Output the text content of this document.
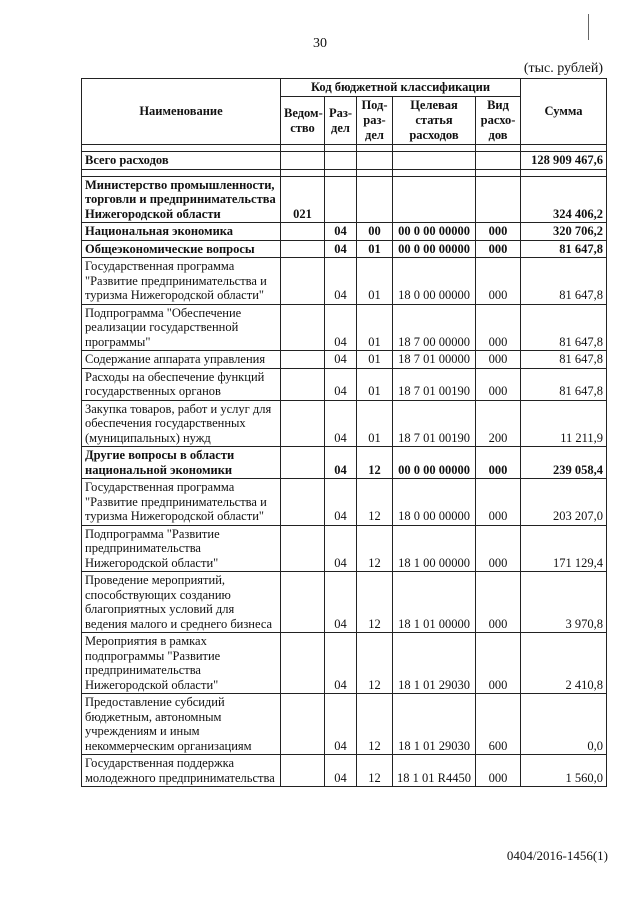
30
(тыс. рублей)
Наименование	Код бюджетной классификации					Сумма
	Ведом-ство	Раз-дел	Под-раз-дел	Целевая статья расходов	Вид расхо-дов	

Всего расходов						128 909 467,6

Министерство промышленности, торговли и предпринимательства Нижегородской области	021					324 406,2
Национальная экономика		04	00	00 0 00 00000	000	320 706,2
Общеэкономические вопросы		04	01	00 0 00 00000	000	81 647,8
Государственная программа "Развитие предпринимательства и туризма Нижегородской области"		04	01	18 0 00 00000	000	81 647,8
Подпрограмма "Обеспечение реализации государственной программы"		04	01	18 7 00 00000	000	81 647,8
Содержание аппарата управления		04	01	18 7 01 00000	000	81 647,8
Расходы на обеспечение функций государственных органов		04	01	18 7 01 00190	000	81 647,8
Закупка товаров, работ и услуг для обеспечения государственных (муниципальных) нужд		04	01	18 7 01 00190	200	11 211,9
Другие вопросы в области национальной экономики		04	12	00 0 00 00000	000	239 058,4
Государственная программа "Развитие предпринимательства и туризма Нижегородской области"		04	12	18 0 00 00000	000	203 207,0
Подпрограмма "Развитие предпринимательства Нижегородской области"		04	12	18 1 00 00000	000	171 129,4
Проведение мероприятий, способствующих созданию благоприятных условий для ведения малого и среднего бизнеса		04	12	18 1 01 00000	000	3 970,8
Мероприятия в рамках подпрограммы "Развитие предпринимательства Нижегородской области"		04	12	18 1 01 29030	000	2 410,8
Предоставление субсидий бюджетным, автономным учреждениям и иным некоммерческим организациям		04	12	18 1 01 29030	600	0,0
Государственная поддержка молодежного предпринимательства		04	12	18 1 01 R4450	000	1 560,0
0404/2016-1456(1)
